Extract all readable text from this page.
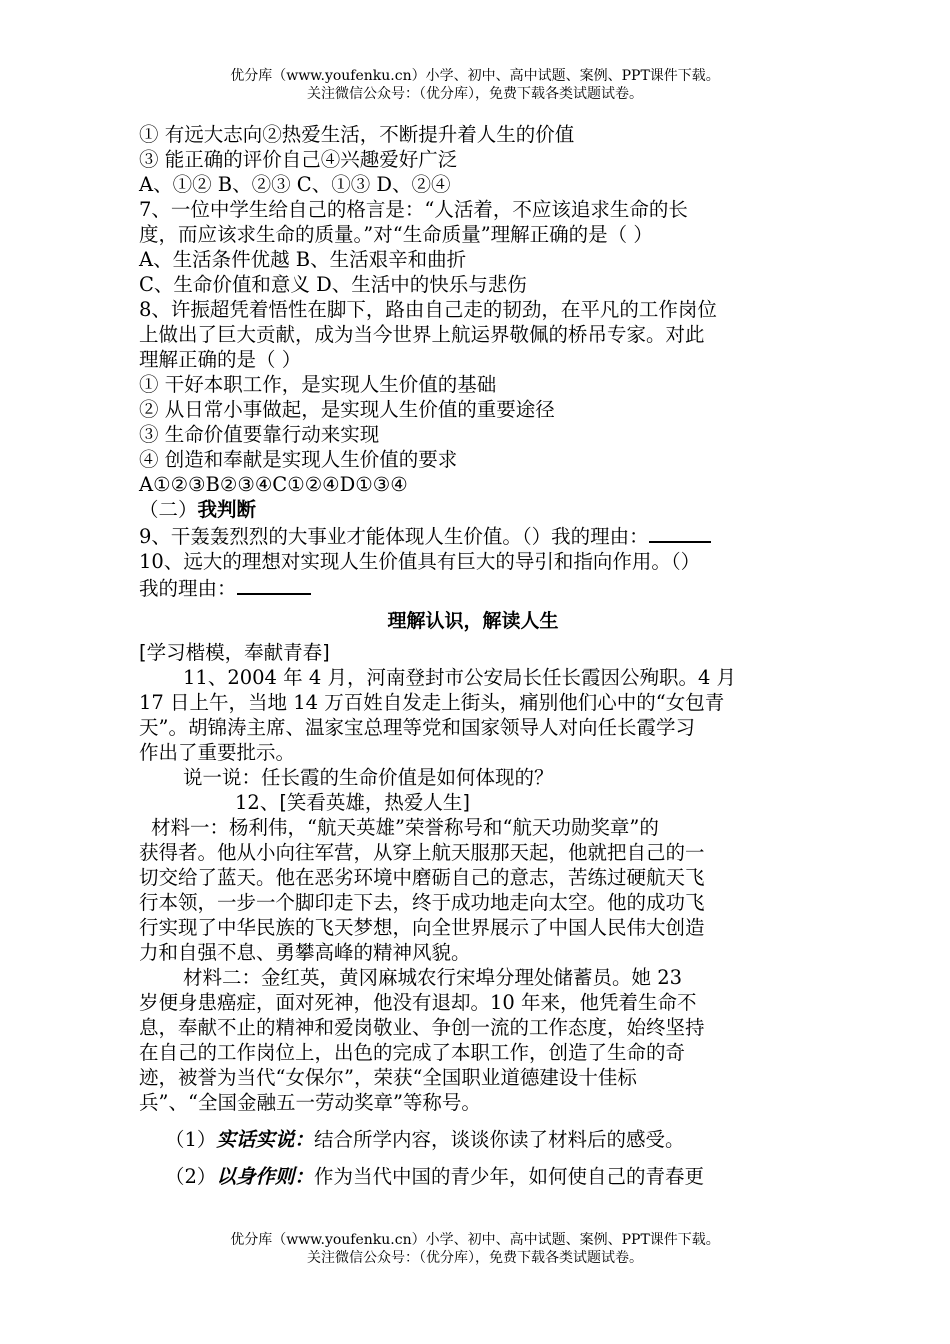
优分库（www.youfenku.cn）小学、初中、高中试题、案例、PPT课件下载。
关注微信公众号：（优分库），免费下载各类试题试卷。

① 有远大志向②热爱生活，不断提升着人生的价值

③ 能正确的评价自己④兴趣爱好广泛

A、①② B、②③ C、①③ D、②④

7、一位中学生给自己的格言是：“人活着，不应该追求生命的长

度，而应该求生命的质量。”对“生命质量”理解正确的是（ ）

A、生活条件优越 B、生活艰辛和曲折

C、生命价值和意义 D、生活中的快乐与悲伤

8、许振超凭着悟性在脚下，路由自己走的韧劲，在平凡的工作岗位

上做出了巨大贡献，成为当今世界上航运界敬佩的桥吊专家。对此

理解正确的是（ ）

① 干好本职工作，是实现人生价值的基础

② 从日常小事做起，是实现人生价值的重要途径

③ 生命价值要靠行动来实现

④ 创造和奉献是实现人生价值的要求

A①②③B②③④C①②④D①③④

（二）我判断

9、干轰轰烈烈的大事业才能体现人生价值。（）我的理由：

10、远大的理想对实现人生价值具有巨大的导引和指向作用。（）

我的理由：

理解认识，解读人生

[学习楷模，奉献青春]

11、2004 年 4 月，河南登封市公安局长任长霞因公殉职。4 月

17 日上午，当地 14 万百姓自发走上街头，痛别他们心中的“女包青

天”。胡锦涛主席、温家宝总理等党和国家领导人对向任长霞学习

作出了重要批示。

说一说：任长霞的生命价值是如何体现的？

12、[笑看英雄，热爱人生]

材料一：杨利伟，“航天英雄”荣誉称号和“航天功勋奖章”的

获得者。他从小向往军营，从穿上航天服那天起，他就把自己的一

切交给了蓝天。他在恶劣环境中磨砺自己的意志，苦练过硬航天飞

行本领，一步一个脚印走下去，终于成功地走向太空。他的成功飞

行实现了中华民族的飞天梦想，向全世界展示了中国人民伟大创造

力和自强不息、勇攀高峰的精神风貌。

材料二：金红英，黄冈麻城农行宋埠分理处储蓄员。她 23

岁便身患癌症，面对死神，他没有退却。10 年来，他凭着生命不

息，奉献不止的精神和爱岗敬业、争创一流的工作态度，始终坚持

在自己的工作岗位上，出色的完成了本职工作，创造了生命的奇

迹，被誉为当代“女保尔”，荣获“全国职业道德建设十佳标

兵”、“全国金融五一劳动奖章”等称号。

（1）实话实说：结合所学内容，谈谈你读了材料后的感受。

（2）以身作则：作为当代中国的青少年，如何使自己的青春更

优分库（www.youfenku.cn）小学、初中、高中试题、案例、PPT课件下载。
关注微信公众号：（优分库），免费下载各类试题试卷。
